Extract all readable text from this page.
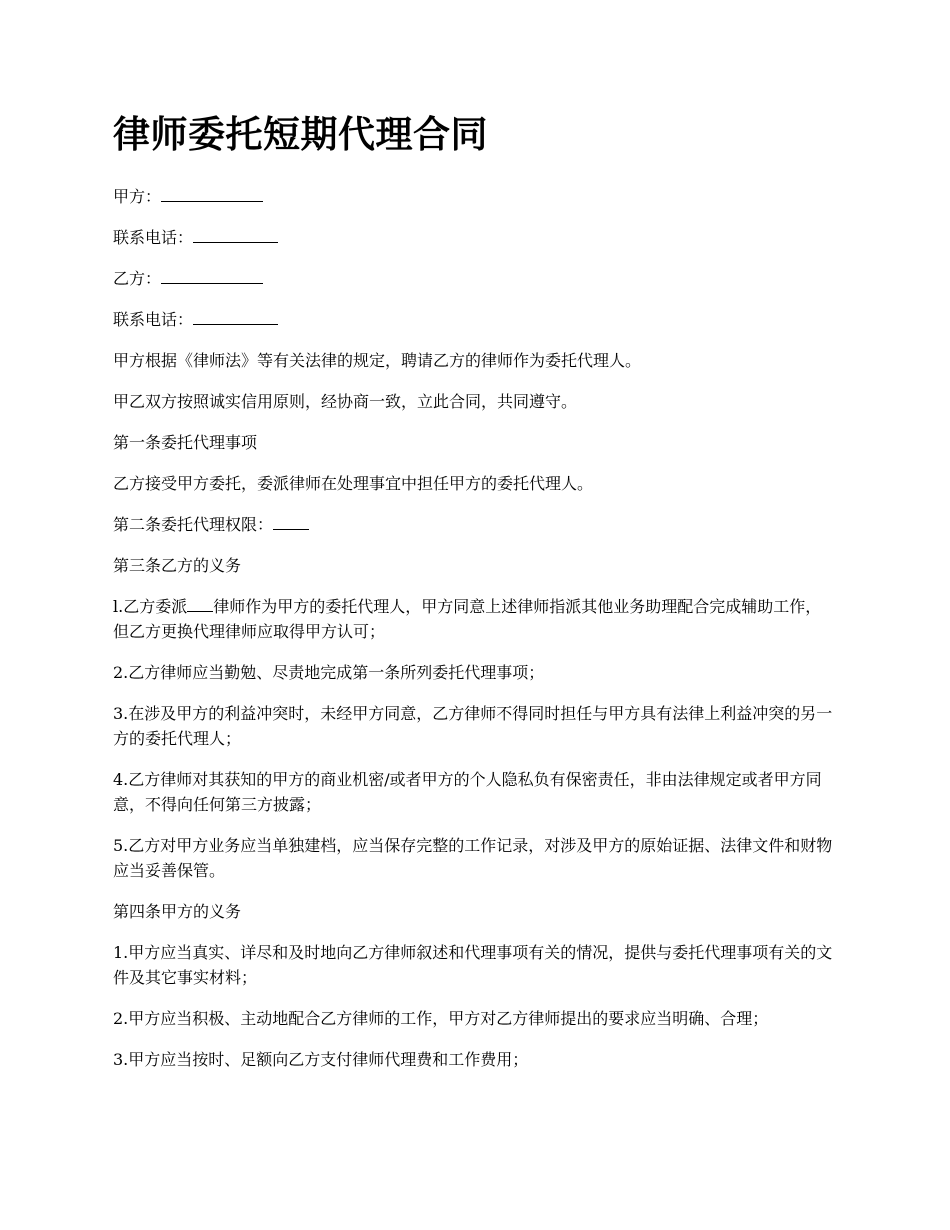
律师委托短期代理合同

甲方：

联系电话：

乙方：

联系电话：

甲方根据《律师法》等有关法律的规定，聘请乙方的律师作为委托代理人。

甲乙双方按照诚实信用原则，经协商一致，立此合同，共同遵守。

第一条委托代理事项

乙方接受甲方委托，委派律师在处理事宜中担任甲方的委托代理人。

第二条委托代理权限：

第三条乙方的义务

l.乙方委派 律师作为甲方的委托代理人，甲方同意上述律师指派其他业务助理配合完成辅助工作，但乙方更换代理律师应取得甲方认可；

2.乙方律师应当勤勉、尽责地完成第一条所列委托代理事项；

3.在涉及甲方的利益冲突时，未经甲方同意，乙方律师不得同时担任与甲方具有法律上利益冲突的另一方的委托代理人；

4.乙方律师对其获知的甲方的商业机密/或者甲方的个人隐私负有保密责任，非由法律规定或者甲方同意，不得向任何第三方披露；

5.乙方对甲方业务应当单独建档，应当保存完整的工作记录，对涉及甲方的原始证据、法律文件和财物应当妥善保管。

第四条甲方的义务

1.甲方应当真实、详尽和及时地向乙方律师叙述和代理事项有关的情况，提供与委托代理事项有关的文件及其它事实材料；

2.甲方应当积极、主动地配合乙方律师的工作，甲方对乙方律师提出的要求应当明确、合理；

3.甲方应当按时、足额向乙方支付律师代理费和工作费用；
